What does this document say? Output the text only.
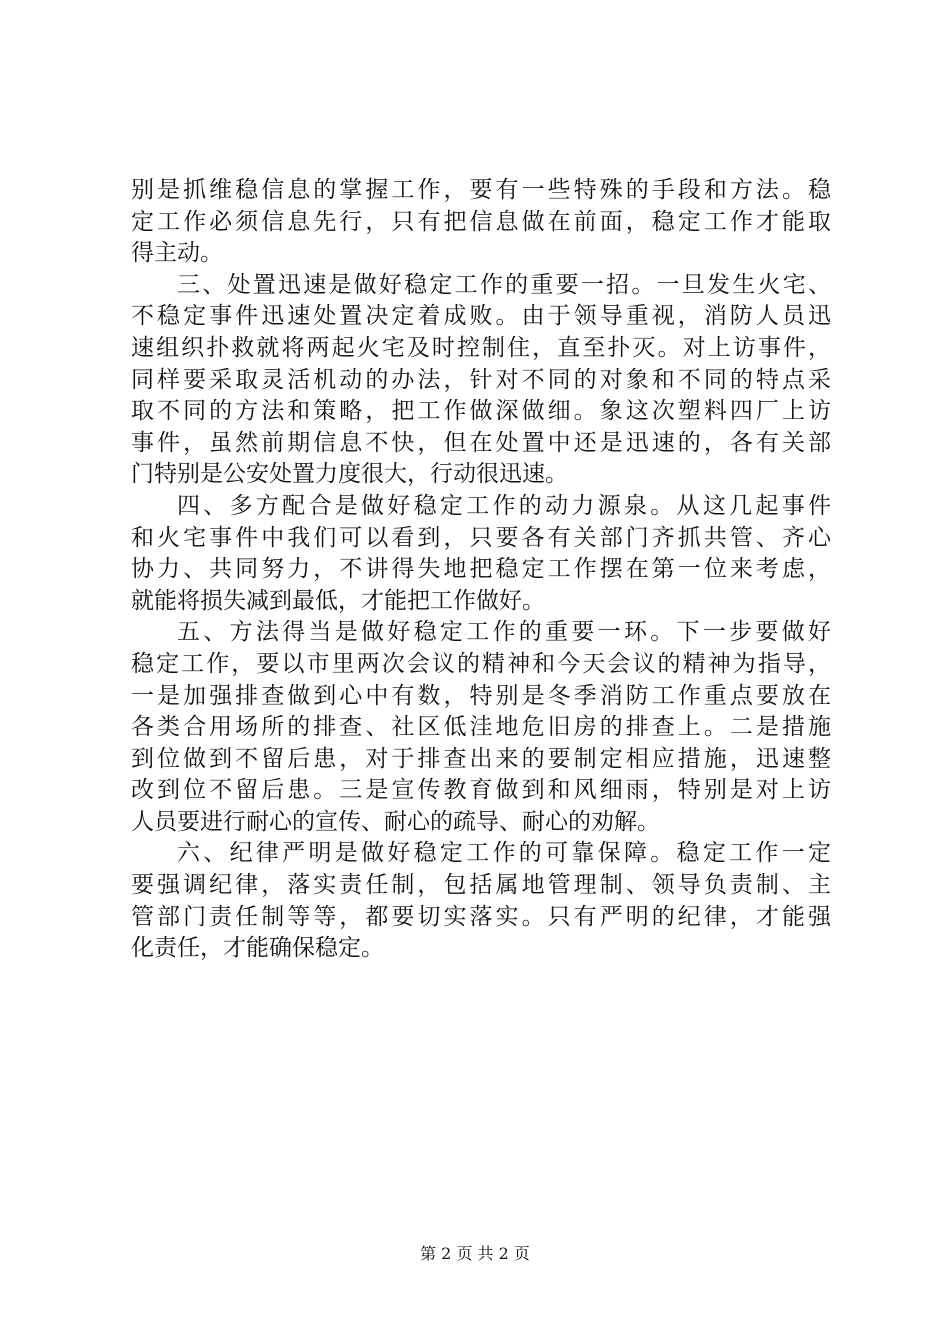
别是抓维稳信息的掌握工作，要有一些特殊的手段和方法。稳
定工作必须信息先行，只有把信息做在前面，稳定工作才能取
得主动。
三、处置迅速是做好稳定工作的重要一招。一旦发生火宅、
不稳定事件迅速处置决定着成败。由于领导重视，消防人员迅
速组织扑救就将两起火宅及时控制住，直至扑灭。对上访事件，
同样要采取灵活机动的办法，针对不同的对象和不同的特点采
取不同的方法和策略，把工作做深做细。象这次塑料四厂上访
事件，虽然前期信息不快，但在处置中还是迅速的，各有关部
门特别是公安处置力度很大，行动很迅速。
四、多方配合是做好稳定工作的动力源泉。从这几起事件
和火宅事件中我们可以看到，只要各有关部门齐抓共管、齐心
协力、共同努力，不讲得失地把稳定工作摆在第一位来考虑，
就能将损失减到最低，才能把工作做好。
五、方法得当是做好稳定工作的重要一环。下一步要做好
稳定工作，要以市里两次会议的精神和今天会议的精神为指导，
一是加强排查做到心中有数，特别是冬季消防工作重点要放在
各类合用场所的排查、社区低洼地危旧房的排查上。二是措施
到位做到不留后患，对于排查出来的要制定相应措施，迅速整
改到位不留后患。三是宣传教育做到和风细雨，特别是对上访
人员要进行耐心的宣传、耐心的疏导、耐心的劝解。
六、纪律严明是做好稳定工作的可靠保障。稳定工作一定
要强调纪律，落实责任制，包括属地管理制、领导负责制、主
管部门责任制等等，都要切实落实。只有严明的纪律，才能强
化责任，才能确保稳定。
第 2 页 共 2 页
